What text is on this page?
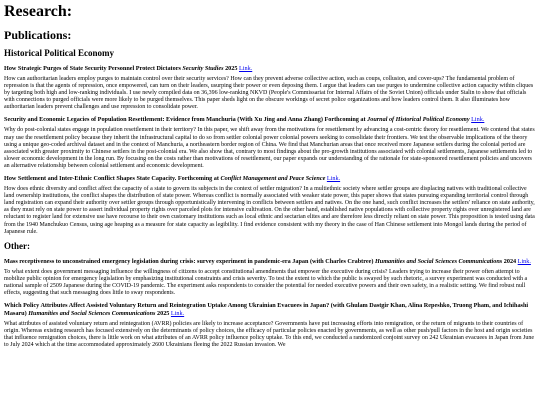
Research:
Publications:
Historical Political Economy
How Strategic Purges of State Security Personnel Protect Dictators Security Studies 2025 Link.
How can authoritarian leaders employ purges to maintain control over their security services? How can they prevent adverse collective action, such as coups, collusion, and cover-ups? The fundamental problem of repression is that the agents of repression, once empowered, can turn on their leaders, usurping their power or even deposing them. I argue that leaders can use purges to undermine collective action capacity within cliques by targeting both high and low-ranking individuals. I use newly compiled data on 36,396 low-ranking NKVD (People's Commissariat for Internal Affairs of the Soviet Union) officials under Stalin to show that officials with connections to purged officials were more likely to be purged themselves. This paper sheds light on the obscure workings of secret police organizations and how leaders control them. It also illuminates how authoritarian leaders prevent challenges and use repression to consolidate power.
Security and Economic Legacies of Population Resettlement: Evidence from Manchuria (With Xu Jing and Anna Zhang) Forthcoming at Journal of Historical Political Economy Link.
Why do post-colonial states engage in population resettlement in their territory? In this paper, we shift away from the motivations for resettlement by advancing a cost-centric theory for resettlement. We contend that states may use the resettlement policy because they inherit the infrastructural capital to do so from settler colonial power colonial powers seeking to consolidate their frontiers. We test the observable implications of the theory using a unique geo-coded archival dataset and in the context of Manchuria, a northeastern border region of China. We find that Manchurian areas that once received more Japanese settlers during the colonial period are associated with greater proximity to Chinese settlers in the post-colonial era. We also show that, contrary to most findings about the pro-growth institutions associated with colonial settlements, Japanese settlements led to slower economic development in the long run. By focusing on the costs rather than motivations of resettlement, our paper expands our understanding of the rationale for state-sponsored resettlement policies and uncovers an alternative relationship between colonial settlement and economic development.
How Settlement and Inter-Ethnic Conflict Shapes State Capacity. Forthcoming at Conflict Management and Peace Science Link.
How does ethnic diversity and conflict affect the capacity of a state to govern its subjects in the context of settler migration? In a multiethnic society where settler groups are displacing natives with traditional collective land ownership institutions, the conflict shapes the distribution of state power. Whereas conflict is normally associated with weaker state power, this paper shows that states pursuing expanding territorial control through land registration can expand their authority over settler groups through opportunistically intervening in conflicts between settlers and natives. On the one hand, such conflict increases the settlers' reliance on state authority, as they must rely on state power to assert individual property rights over parceled plots for intensive cultivation. On the other hand, established native populations with collective property rights over unregistered land are reluctant to register land for extensive use have recourse to their own customary institutions such as local ethnic and sectarian elites and are therefore less directly reliant on state power. This proposition is tested using data from the 1940 Manchukuo Census, using age heaping as a measure for state capacity as legibility. I find evidence consistent with my theory in the case of Han Chinese settlement into Mongol lands during the period of Japanese rule.
Other:
Mass receptiveness to unconstrained emergency legislation during crisis: survey experiment in pandemic-era Japan (with Charles Crabtree) Humanities and Social Sciences Communications 2024 Link.
To what extent does government messaging influence the willingness of citizens to accept constitutional amendments that empower the executive during crisis? Leaders trying to increase their power often attempt to mobilize public opinion for emergency legislation by emphasizing institutional constraints and crisis severity. To test the extent to which the public is swayed by such rhetoric, a survey experiment was conducted with a national sample of 2509 Japanese during the COVID-19 pandemic. The experiment asks respondents to consider the potential for needed executive powers and their own safety, in a realistic setting. We find robust null effects, suggesting that such messaging does little to sway respondents.
Which Policy Attributes Affect Assisted Voluntary Return and Reintegration Uptake Among Ukrainian Evacuees in Japan? (with Ghulam Dastgir Khan, Alina Repeshko, Truong Pham, and Ichihashi Masaru) Humanities and Social Sciences Communications 2025 Link.
What attributes of assisted voluntary return and reintegration (AVRR) policies are likely to increase acceptance? Governments have put increasing efforts into remigration, or the return of migrants to their countries of origin. Whereas existing research has focused extensively on the determinants of policy choices, the efficacy of particular policies enacted by governments, as well as other push/pull factors in the host and origin societies that influence remigration choices, there is little work on what attributes of an AVRR policy influence policy uptake. To this end, we conducted a randomized conjoint survey on 242 Ukrainian evacuees in Japan from June to July 2024 which at the time accommodated approximately 2600 Ukrainians fleeing the 2022 Russian invasion. We
